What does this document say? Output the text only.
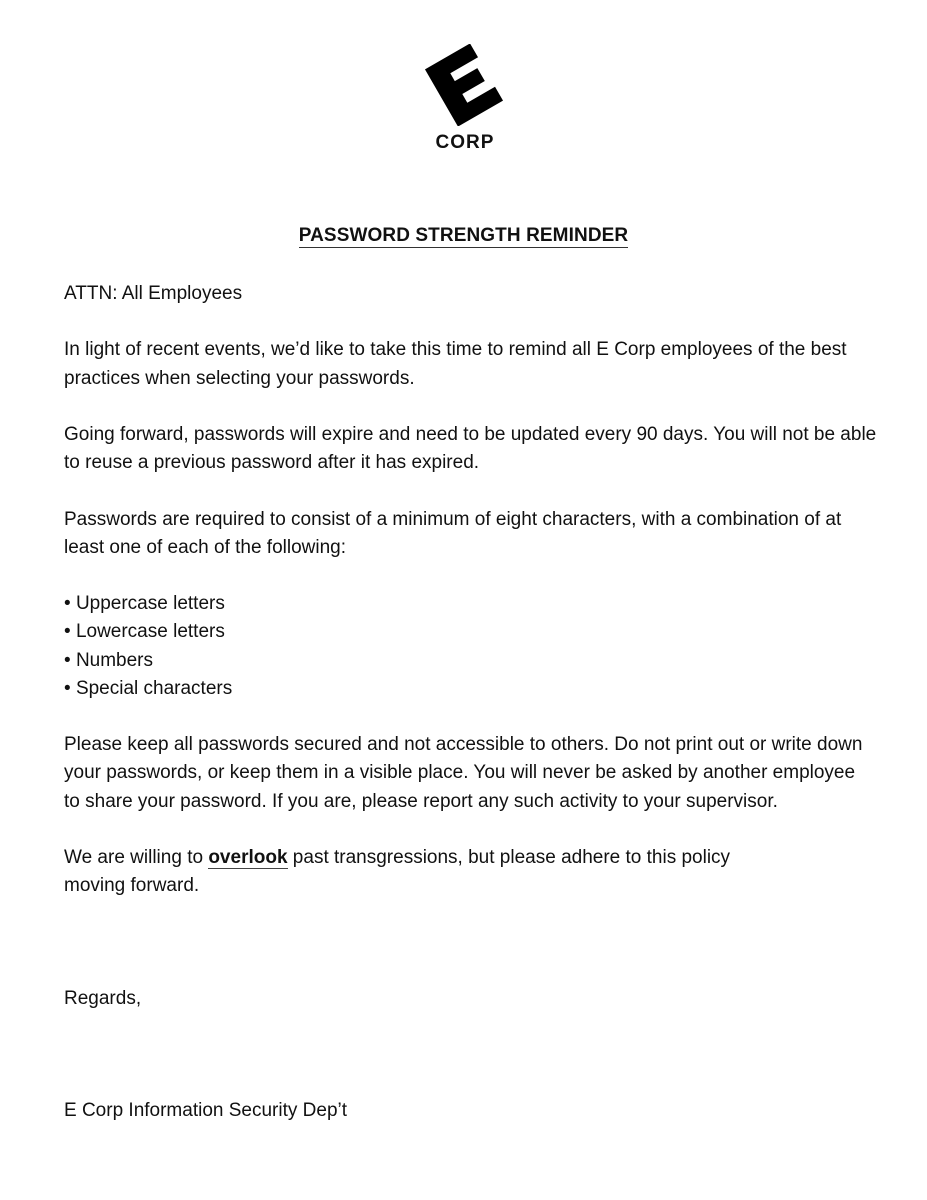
CORP
PASSWORD STRENGTH REMINDER

ATTN: All Employees

In light of recent events, we’d like to take this time to remind all E Corp employees of the best practices when selecting your passwords.

Going forward, passwords will expire and need to be updated every 90 days. You will not be able to reuse a previous password after it has expired.

Passwords are required to consist of a minimum of eight characters, with a combination of at least one of each of the following:

• Uppercase letters
• Lowercase letters
• Numbers
• Special characters

Please keep all passwords secured and not accessible to others. Do not print out or write down your passwords, or keep them in a visible place. You will never be asked by another employee to share your password. If you are, please report any such activity to your supervisor.

We are willing to overlook past transgressions, but please adhere to this policy
moving forward.

Regards,

E Corp Information Security Dep’t
